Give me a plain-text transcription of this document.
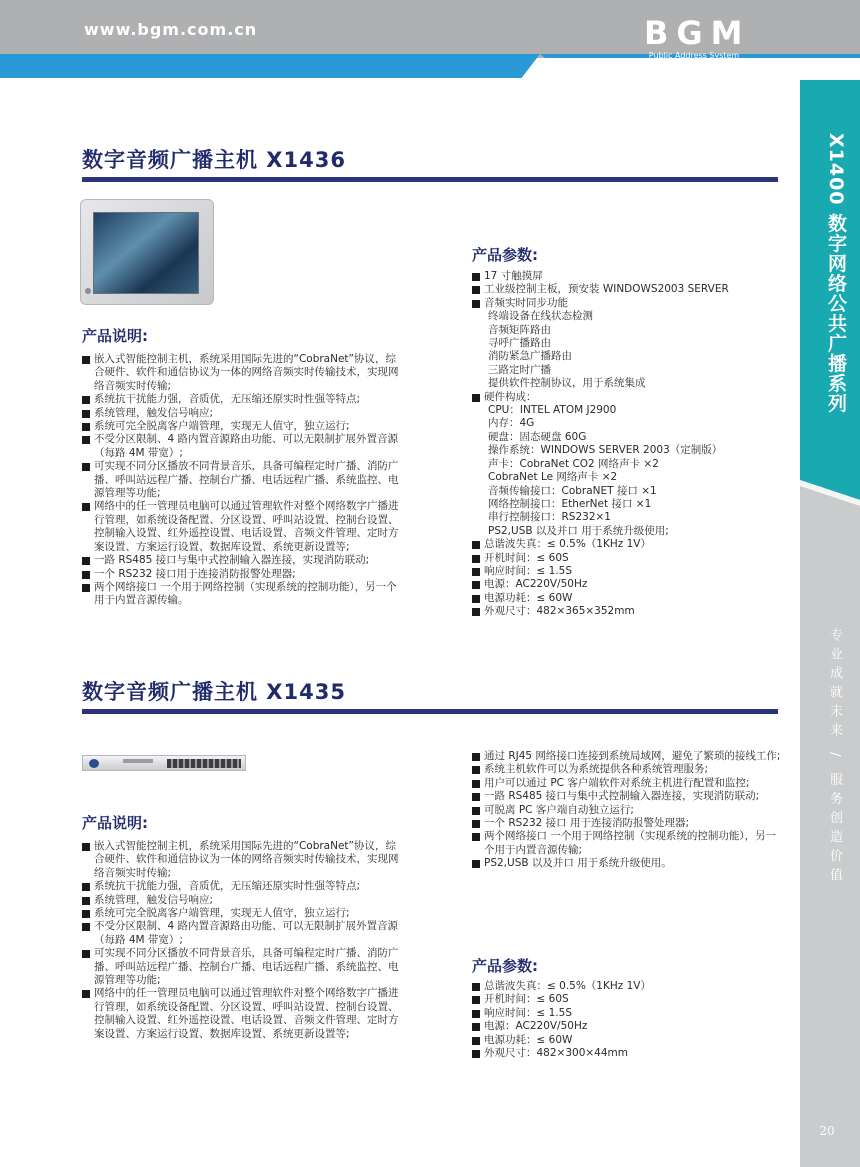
www.bgm.com.cn	BGM
Public Address System
X1400 数字网络公共广播系列
专业成就未来 / 服务创造价值
20
数字音频广播主机 X1436
产品说明:
嵌入式智能控制主机，系统采用国际先进的“CobraNet”协议，综合硬件、软件和通信协议为一体的网络音频实时传输技术，实现网络音频实时传输;
系统抗干扰能力强，音质优，无压缩还原实时性强等特点;
系统管理，触发信号响应;
系统可完全脱离客户端管理，实现无人值守，独立运行;
不受分区限制、4 路内置音源路由功能、可以无限制扩展外置音源（每路 4M 带宽）;
可实现不同分区播放不同背景音乐，具备可编程定时广播、消防广播、呼叫站远程广播、控制台广播、电话远程广播、系统监控、电源管理等功能;
网络中的任一管理员电脑可以通过管理软件对整个网络数字广播进行管理，如系统设备配置、分区设置、呼叫站设置、控制台设置、控制输入设置、红外遥控设置、电话设置、音频文件管理、定时方案设置、方案运行设置、数据库设置、系统更新设置等;
一路 RS485 接口与集中式控制输入器连接，实现消防联动;
一个 RS232 接口用于连接消防报警处理器;
两个网络接口 一个用于网络控制（实现系统的控制功能），另一个用于内置音源传输。
产品参数:
17 寸触摸屏
工业级控制主板，预安装 WINDOWS2003 SERVER
音频实时同步功能
终端设备在线状态检测
音频矩阵路由
寻呼广播路由
消防紧急广播路由
三路定时广播
提供软件控制协议，用于系统集成
硬件构成：
CPU：INTEL ATOM J2900
内存：4G
硬盘：固态硬盘 60G
操作系统：WINDOWS SERVER 2003（定制版）
声卡：CobraNet CO2 网络声卡 ×2
CobraNet Le 网络声卡 ×2
音频传输接口：CobraNET 接口 ×1
网络控制接口：EtherNet 接口 ×1
串行控制接口：RS232×1
PS2,USB 以及并口 用于系统升级使用;
总谐波失真：≤ 0.5%（1KHz 1V）
开机时间：≤ 60S
响应时间：≤ 1.5S
电源：AC220V/50Hz
电源功耗：≤ 60W
外观尺寸：482×365×352mm
数字音频广播主机 X1435
产品说明:
嵌入式智能控制主机，系统采用国际先进的“CobraNet”协议，综合硬件、软件和通信协议为一体的网络音频实时传输技术，实现网络音频实时传输;
系统抗干扰能力强，音质优，无压缩还原实时性强等特点;
系统管理，触发信号响应;
系统可完全脱离客户端管理，实现无人值守，独立运行;
不受分区限制、4 路内置音源路由功能、可以无限制扩展外置音源（每路 4M 带宽）;
可实现不同分区播放不同背景音乐，具备可编程定时广播、消防广播、呼叫站远程广播、控制台广播、电话远程广播、系统监控、电源管理等功能;
网络中的任一管理员电脑可以通过管理软件对整个网络数字广播进行管理，如系统设备配置、分区设置、呼叫站设置、控制台设置、控制输入设置、红外遥控设置、电话设置、音频文件管理、定时方案设置、方案运行设置、数据库设置、系统更新设置等;
通过 RJ45 网络接口连接到系统局域网，避免了繁琐的接线工作;
系统主机软件可以为系统提供各种系统管理服务;
用户可以通过 PC 客户端软件对系统主机进行配置和监控;
一路 RS485 接口与集中式控制输入器连接，实现消防联动;
可脱离 PC 客户端自动独立运行;
一个 RS232 接口 用于连接消防报警处理器;
两个网络接口 一个用于网络控制（实现系统的控制功能），另一个用于内置音源传输;
PS2,USB 以及并口 用于系统升级使用。
产品参数:
总谐波失真：≤ 0.5%（1KHz 1V）
开机时间：≤ 60S
响应时间：≤ 1.5S
电源：AC220V/50Hz
电源功耗：≤ 60W
外观尺寸：482×300×44mm
